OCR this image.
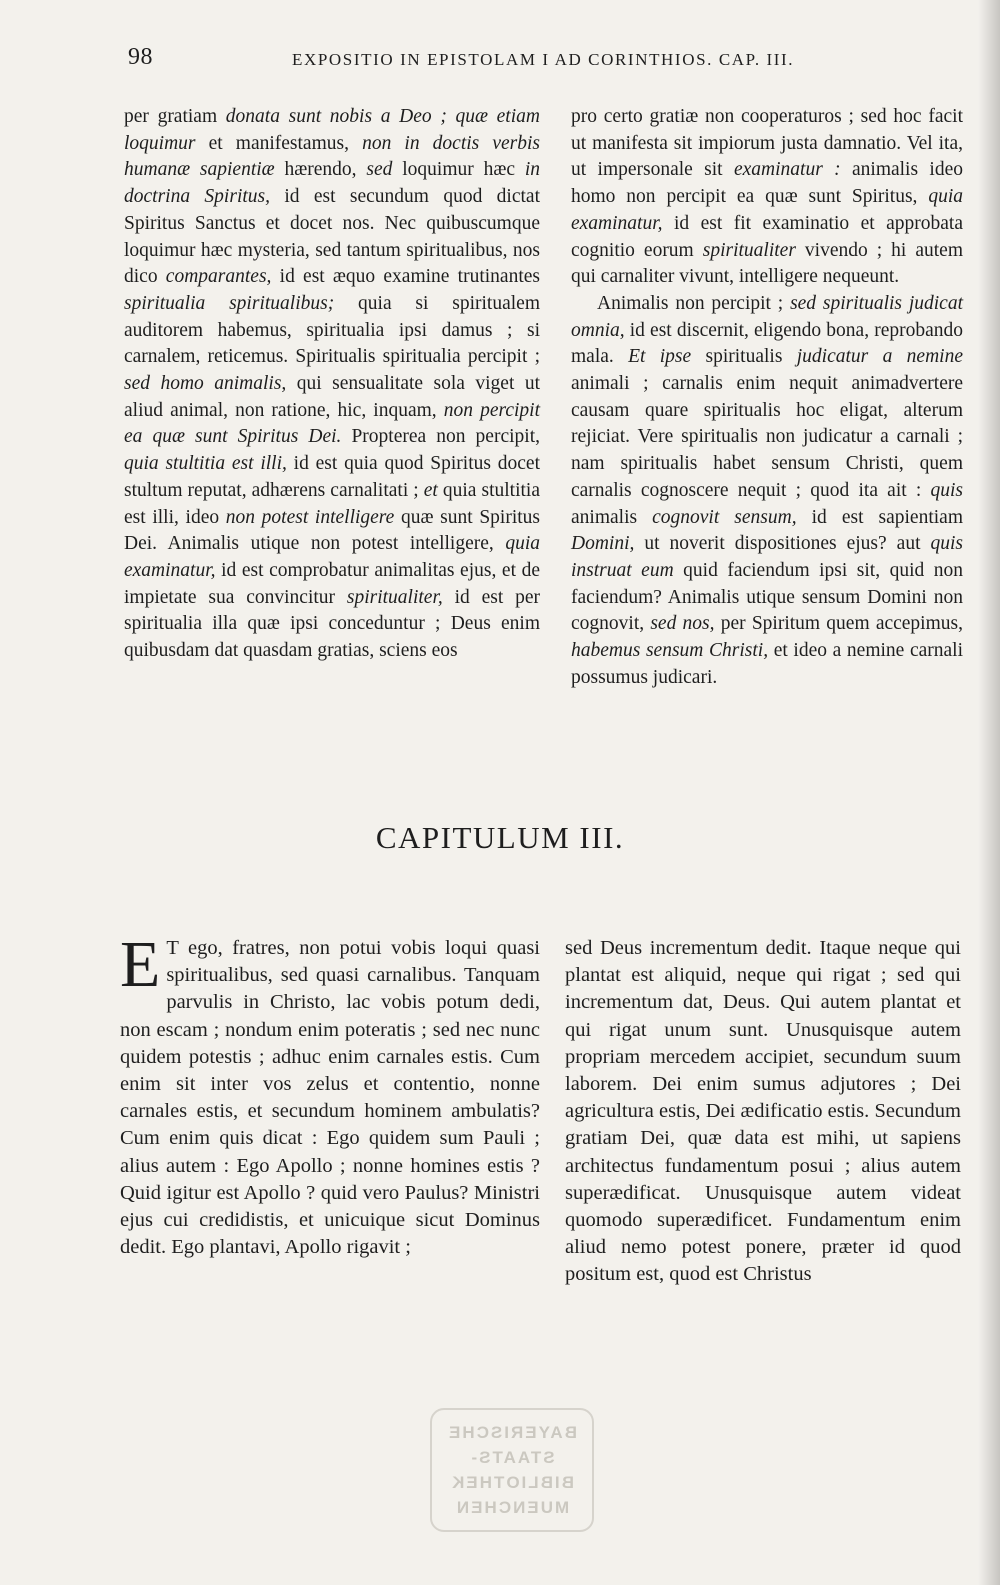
98	EXPOSITIO IN EPISTOLAM I AD CORINTHIOS. CAP. III.

per gratiam donata sunt nobis a Deo ; quæ etiam loquimur et manifestamus, non in doctis verbis humanæ sapientiæ hærendo, sed loquimur hæc in doctrina Spiritus, id est secundum quod dictat Spiritus Sanctus et docet nos. Nec quibuscumque loquimur hæc mysteria, sed tantum spiritualibus, nos dico comparantes, id est æquo examine trutinantes spiritualia spiritualibus; quia si spiritualem auditorem habemus, spiritualia ipsi damus ; si carnalem, reticemus. Spiritualis spiritualia percipit ; sed homo animalis, qui sensualitate sola viget ut aliud animal, non ratione, hic, inquam, non percipit ea quæ sunt Spiritus Dei. Propterea non percipit, quia stultitia est illi, id est quia quod Spiritus docet stultum reputat, adhærens carnalitati ; et quia stultitia est illi, ideo non potest intelligere quæ sunt Spiritus Dei. Animalis utique non potest intelligere, quia examinatur, id est comprobatur animalitas ejus, et de impietate sua convincitur spiritualiter, id est per spiritualia illa quæ ipsi conceduntur ; Deus enim quibusdam dat quasdam gratias, sciens eos

pro certo gratiæ non cooperaturos ; sed hoc facit ut manifesta sit impiorum justa damnatio. Vel ita, ut impersonale sit examinatur : animalis ideo homo non percipit ea quæ sunt Spiritus, quia examinatur, id est fit examinatio et approbata cognitio eorum spiritualiter vivendo ; hi autem qui carnaliter vivunt, intelligere nequeunt.

Animalis non percipit ; sed spiritualis judicat omnia, id est discernit, eligendo bona, reprobando mala. Et ipse spiritualis judicatur a nemine animali ; carnalis enim nequit animadvertere causam quare spiritualis hoc eligat, alterum rejiciat. Vere spiritualis non judicatur a carnali ; nam spiritualis habet sensum Christi, quem carnalis cognoscere nequit ; quod ita ait : quis animalis cognovit sensum, id est sapientiam Domini, ut noverit dispositiones ejus? aut quis instruat eum quid faciendum ipsi sit, quid non faciendum? Animalis utique sensum Domini non cognovit, sed nos, per Spiritum quem accepimus, habemus sensum Christi, et ideo a nemine carnali possumus judicari.

CAPITULUM III.
E T ego, fratres, non potui vobis loqui quasi spiritualibus, sed quasi carnalibus. Tanquam parvulis in Christo, lac vobis potum dedi, non escam ; nondum enim poteratis ; sed nec nunc quidem potestis ; adhuc enim carnales estis. Cum enim sit inter vos zelus et contentio, nonne carnales estis, et secundum hominem ambulatis? Cum enim quis dicat : Ego quidem sum Pauli ; alius autem : Ego Apollo ; nonne homines estis ? Quid igitur est Apollo ? quid vero Paulus? Ministri ejus cui credidistis, et unicuique sicut Dominus dedit. Ego plantavi, Apollo rigavit ;
sed Deus incrementum dedit. Itaque neque qui plantat est aliquid, neque qui rigat ; sed qui incrementum dat, Deus. Qui autem plantat et qui rigat unum sunt. Unusquisque autem propriam mercedem accipiet, secundum suum laborem. Dei enim sumus adjutores ; Dei agricultura estis, Dei ædificatio estis. Secundum gratiam Dei, quæ data est mihi, ut sapiens architectus fundamentum posui ; alius autem superædificat. Unusquisque autem videat quomodo superædificet. Fundamentum enim aliud nemo potest ponere, præter id quod positum est, quod est Christus
BAYERISCHE
STAATS-
BIBLIOTHEK
MUENCHEN
